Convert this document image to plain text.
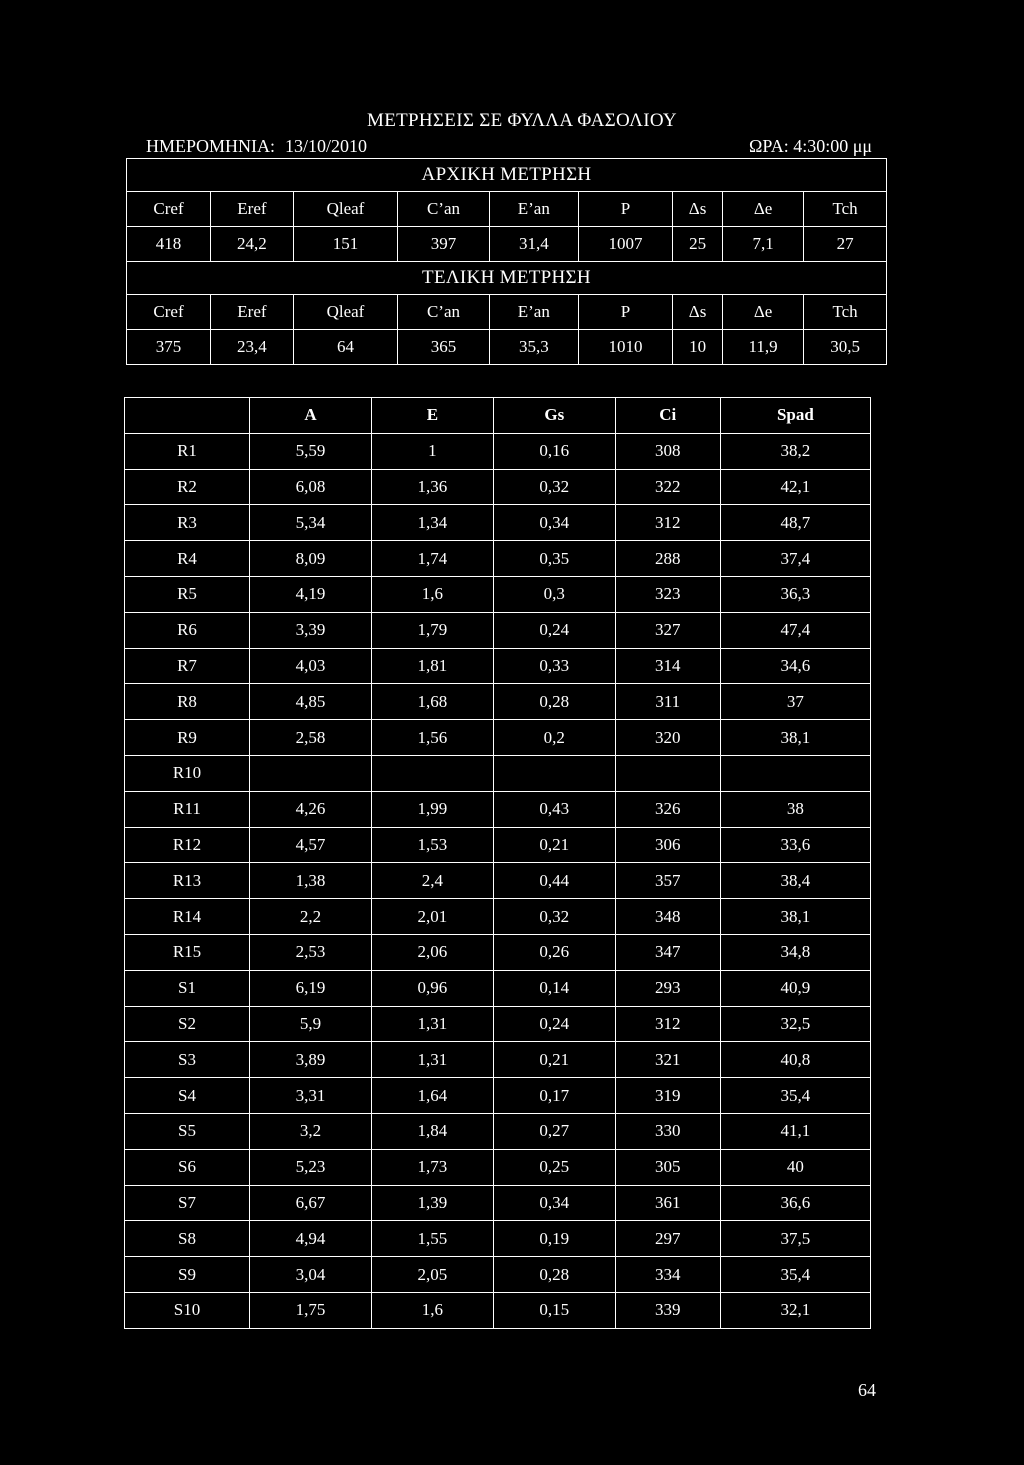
ΜΕΤΡΗΣΕΙΣ ΣΕ ΦΥΛΛΑ ΦΑΣΟΛΙΟΥ
ΗΜΕΡΟΜΗΝΙΑ: 13/10/2010	ΩΡΑ: 4:30:00 μμ
ΑΡΧΙΚΗ ΜΕΤΡΗΣΗ								
Cref	Eref	Qleaf	C’an	E’an	P	Δs	Δe	Tch
418	24,2	151	397	31,4	1007	25	7,1	27
ΤΕΛΙΚΗ ΜΕΤΡΗΣΗ								
Cref	Eref	Qleaf	C’an	E’an	P	Δs	Δe	Tch
375	23,4	64	365	35,3	1010	10	11,9	30,5
	A	E	Gs	Ci	Spad
R1	5,59	1	0,16	308	38,2
R2	6,08	1,36	0,32	322	42,1
R3	5,34	1,34	0,34	312	48,7
R4	8,09	1,74	0,35	288	37,4
R5	4,19	1,6	0,3	323	36,3
R6	3,39	1,79	0,24	327	47,4
R7	4,03	1,81	0,33	314	34,6
R8	4,85	1,68	0,28	311	37
R9	2,58	1,56	0,2	320	38,1
R10					
R11	4,26	1,99	0,43	326	38
R12	4,57	1,53	0,21	306	33,6
R13	1,38	2,4	0,44	357	38,4
R14	2,2	2,01	0,32	348	38,1
R15	2,53	2,06	0,26	347	34,8
S1	6,19	0,96	0,14	293	40,9
S2	5,9	1,31	0,24	312	32,5
S3	3,89	1,31	0,21	321	40,8
S4	3,31	1,64	0,17	319	35,4
S5	3,2	1,84	0,27	330	41,1
S6	5,23	1,73	0,25	305	40
S7	6,67	1,39	0,34	361	36,6
S8	4,94	1,55	0,19	297	37,5
S9	3,04	2,05	0,28	334	35,4
S10	1,75	1,6	0,15	339	32,1
64
